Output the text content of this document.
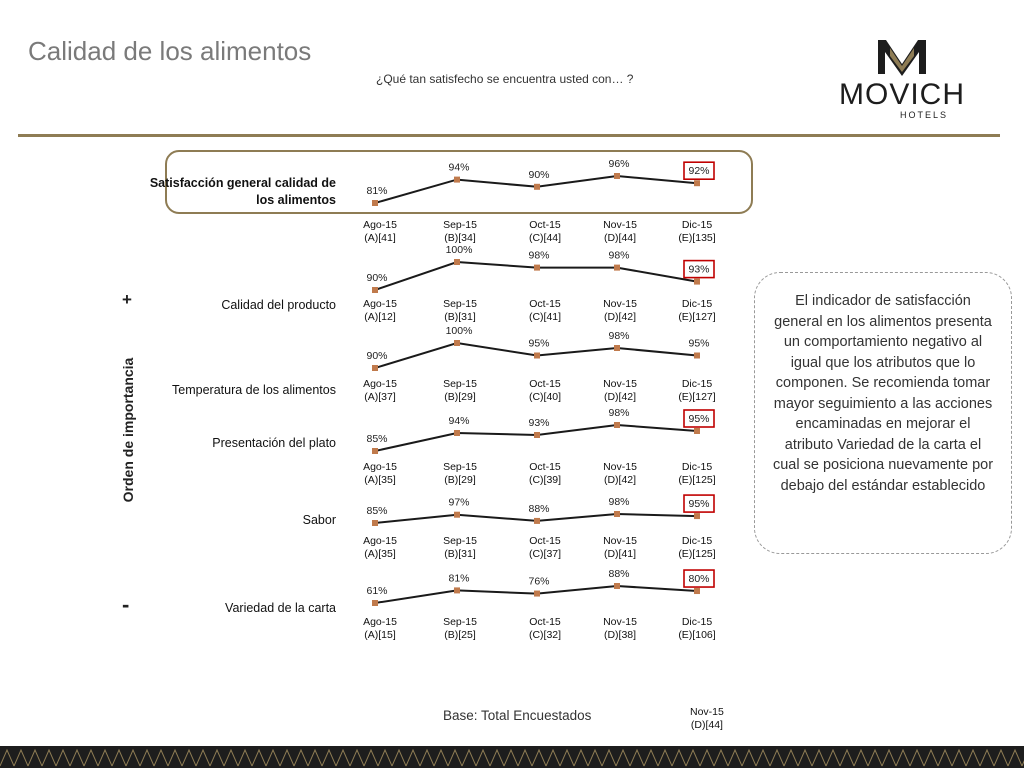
Calidad de los alimentos
¿Qué tan satisfecho se encuentra usted con… ?	MOVICH
HOTELS
Satisfacción general calidad de los alimentos
Calidad del producto
Temperatura de los alimentos
Presentación del plato
Sabor
Variedad de la carta
+
Orden de importancia
-
81%
94%
90%
96%
92%
Ago-15
(A)[41]
Sep-15
(B)[34]
Oct-15
(C)[44]
Nov-15
(D)[44]
Dic-15
(E)[135]
90%
100%	98%	98%
93%
Ago-15
(A)[12]
Sep-15
(B)[31]
Oct-15
(C)[41]
Nov-15
(D)[42]
Dic-15
(E)[127]
90%
100%
95%
98%
95%
Ago-15
(A)[37]
Sep-15
(B)[29]
Oct-15
(C)[40]
Nov-15
(D)[42]
Dic-15
(E)[127]
85%
94%	93%
98%	95%
Ago-15
(A)[35]
Sep-15
(B)[29]
Oct-15
(C)[39]
Nov-15
(D)[42]
Dic-15
(E)[125]
85%
97%
88%
98%	95%
Ago-15
(A)[35]
Sep-15
(B)[31]
Oct-15
(C)[37]
Nov-15
(D)[41]
Dic-15
(E)[125]
61%
81%	76%
88%	80%
Ago-15
(A)[15]
Sep-15
(B)[25]
Oct-15
(C)[32]
Nov-15
(D)[38]
Dic-15
(E)[106]
El indicador de satisfacción general en los alimentos presenta un comportamiento negativo al igual que los atributos que lo componen. Se recomienda tomar mayor seguimiento a las acciones encaminadas en mejorar el atributo Variedad de la carta el cual se posiciona nuevamente por debajo del estándar establecido
Base: Total Encuestados	Nov-15
(D)[44]
